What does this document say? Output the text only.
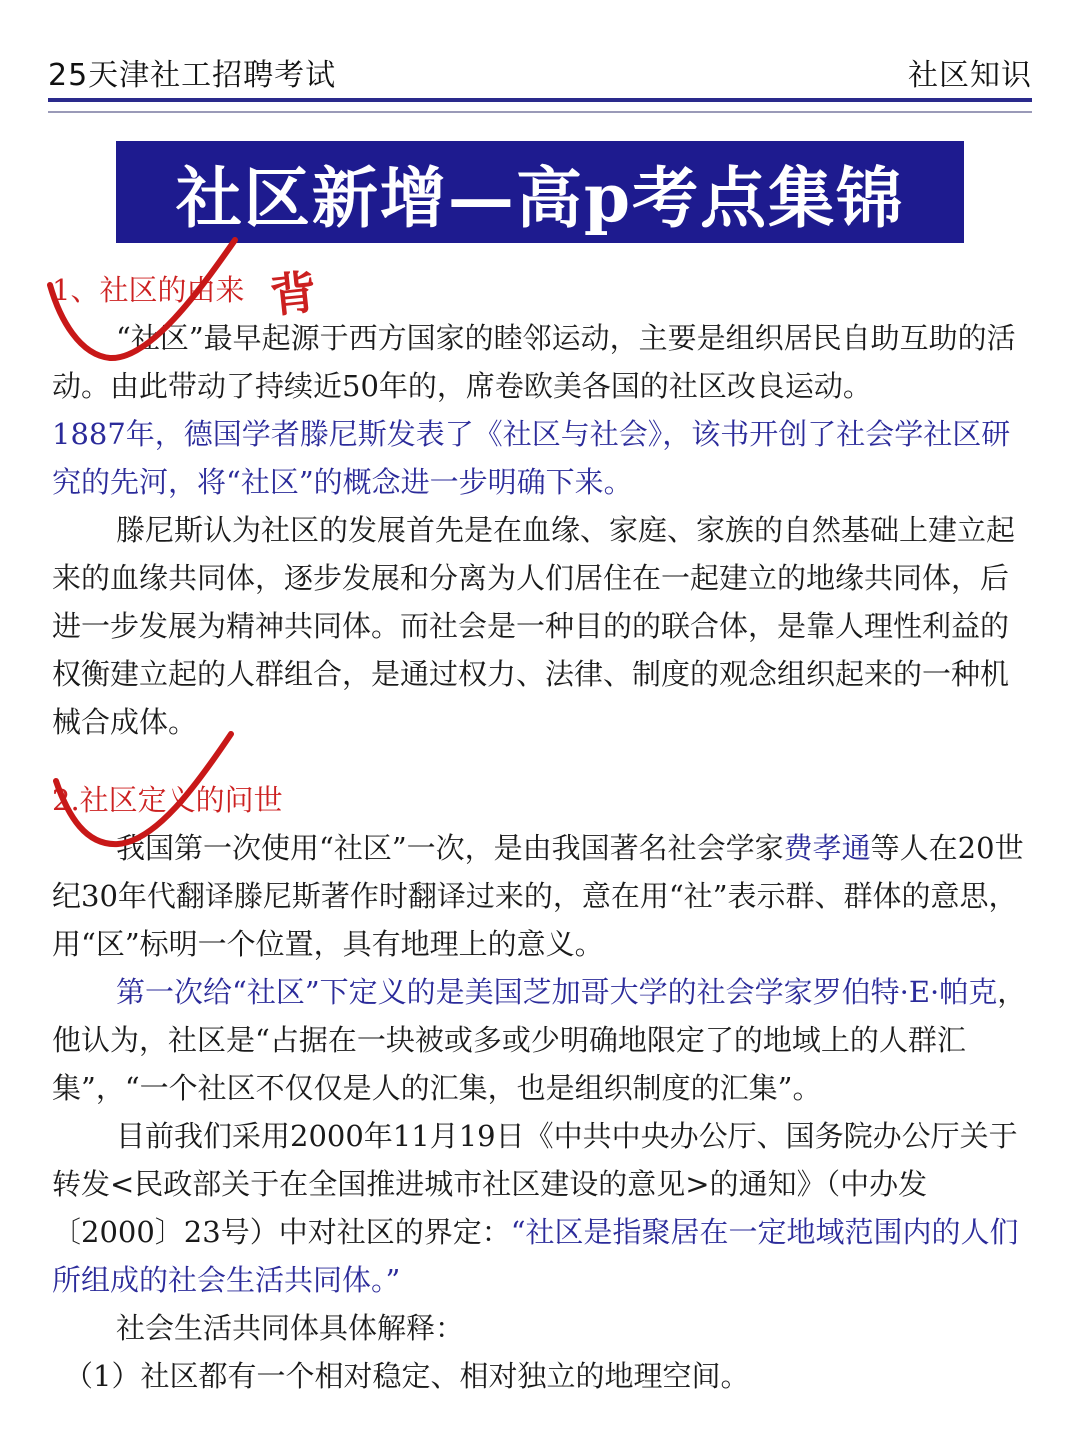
25天津社工招聘考试	社区知识
社区新增—高p考点集锦
背
1、社区的由来

“社区”最早起源于西方国家的睦邻运动，主要是组织居民自助互助的活动。由此带动了持续近50年的，席卷欧美各国的社区改良运动。

1887年，德国学者滕尼斯发表了《社区与社会》，该书开创了社会学社区研究的先河，将“社区”的概念进一步明确下来。

滕尼斯认为社区的发展首先是在血缘、家庭、家族的自然基础上建立起来的血缘共同体，逐步发展和分离为人们居住在一起建立的地缘共同体，后进一步发展为精神共同体。而社会是一种目的的联合体，是靠人理性利益的权衡建立起的人群组合，是通过权力、法律、制度的观念组织起来的一种机械合成体。

2.社区定义的问世

我国第一次使用“社区”一次，是由我国著名社会学家费孝通等人在20世纪30年代翻译滕尼斯著作时翻译过来的，意在用“社”表示群、群体的意思，用“区”标明一个位置，具有地理上的意义。

第一次给“社区”下定义的是美国芝加哥大学的社会学家罗伯特·E·帕克，他认为，社区是“占据在一块被或多或少明确地限定了的地域上的人群汇集”，“一个社区不仅仅是人的汇集，也是组织制度的汇集”。

目前我们采用2000年11月19日《中共中央办公厅、国务院办公厅关于转发<民政部关于在全国推进城市社区建设的意见>的通知》（中办发〔2000〕23号）中对社区的界定：“社区是指聚居在一定地域范围内的人们所组成的社会生活共同体。”

社会生活共同体具体解释：

（1）社区都有一个相对稳定、相对独立的地理空间。
